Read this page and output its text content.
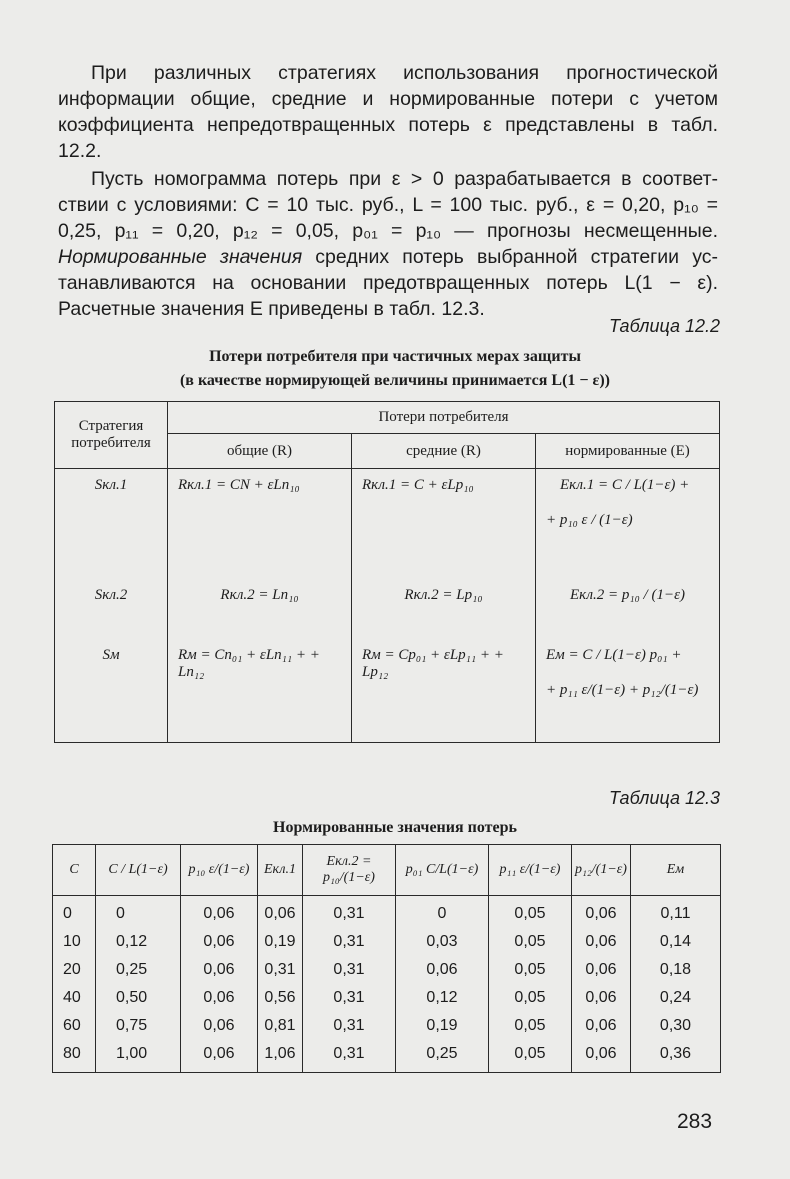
При различных стратегиях использования прогностической информации общие, средние и нормированные потери с учетом коэффициента непредотвращенных потерь ε представлены в табл. 12.2.

Пусть номограмма потерь при ε > 0 разрабатывается в соответ- ствии с условиями: C = 10 тыс. руб., L = 100 тыс. руб., ε = 0,20, p₁₀ = 0,25, p₁₁ = 0,20, p₁₂ = 0,05, p₀₁ = p₁₀ — прогнозы несмещенные. Нормированные значения средних потерь выбранной стратегии ус- танавливаются на основании предотвращенных потерь L(1 − ε). Расчетные значения E приведены в табл. 12.3.

Таблица 12.2
Потери потребителя при частичных мерах защиты
(в качестве нормирующей величины принимается L(1 − ε))
Стратегия потребителя	Потери потребителя		
	общие (R)	средние (R)	нормированные (E)
Sкл.1	Rкл.1 = CN + εLn₁₀	Rкл.1 = C + εLp₁₀	Eкл.1 = C / L(1−ε) +
+ p₁₀ ε / (1−ε)

Sкл.2	Rкл.2 = Ln₁₀	Rкл.2 = Lp₁₀	Eкл.2 = p₁₀ / (1−ε)
Sм	Rм = Cn₀₁ + εLn₁₁ + + Ln₁₂	Rм = Cp₀₁ + εLp₁₁ + + Lp₁₂	Eм = C / L(1−ε) p₀₁ +
+ p₁₁ ε/(1−ε) + p₁₂/(1−ε)
Таблица 12.3
Нормированные значения потерь
C	C / L(1−ε)	p₁₀ ε/(1−ε)	Eкл.1	Eкл.2 = p₁₀/(1−ε)	p₀₁ C/L(1−ε)	p₁₁ ε/(1−ε)	p₁₂/(1−ε)	Eм
0	0	0,06	0,06	0,31	0	0,05	0,06	0,11
10	0,12	0,06	0,19	0,31	0,03	0,05	0,06	0,14
20	0,25	0,06	0,31	0,31	0,06	0,05	0,06	0,18
40	0,50	0,06	0,56	0,31	0,12	0,05	0,06	0,24
60	0,75	0,06	0,81	0,31	0,19	0,05	0,06	0,30
80	1,00	0,06	1,06	0,31	0,25	0,05	0,06	0,36
283
